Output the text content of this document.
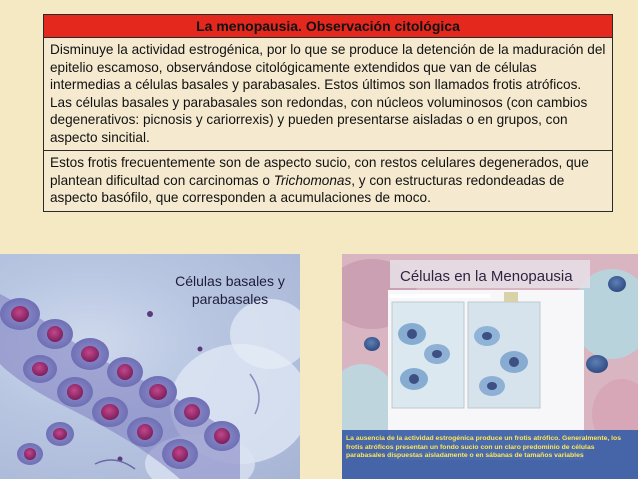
La menopausia. Observación citológica
Disminuye la actividad estrogénica, por lo que se produce la detención de la maduración del epitelio escamoso, observándose citológicamente extendidos que van de células intermedias a células basales y parabasales. Estos últimos son llamados frotis atróficos. Las células basales y parabasales son redondas, con núcleos voluminosos (con cambios degenerativos: picnosis y cariorrexis) y pueden presentarse aisladas o en grupos, con aspecto sincitial.
Estos frotis frecuentemente son de aspecto sucio, con restos celulares degenerados, que plantean dificultad con carcinomas o Trichomonas, y con estructuras redondeadas de aspecto basófilo, que corresponden a acumulaciones de moco.
Células basales y
parabasales
Células en la Menopausia
La ausencia de la actividad estrogénica produce un frotis atrófico. Generalmente, los frotis atróficos presentan un fondo sucio con un claro predominio de células parabasales dispuestas aisladamente o en sábanas de tamaños variables
